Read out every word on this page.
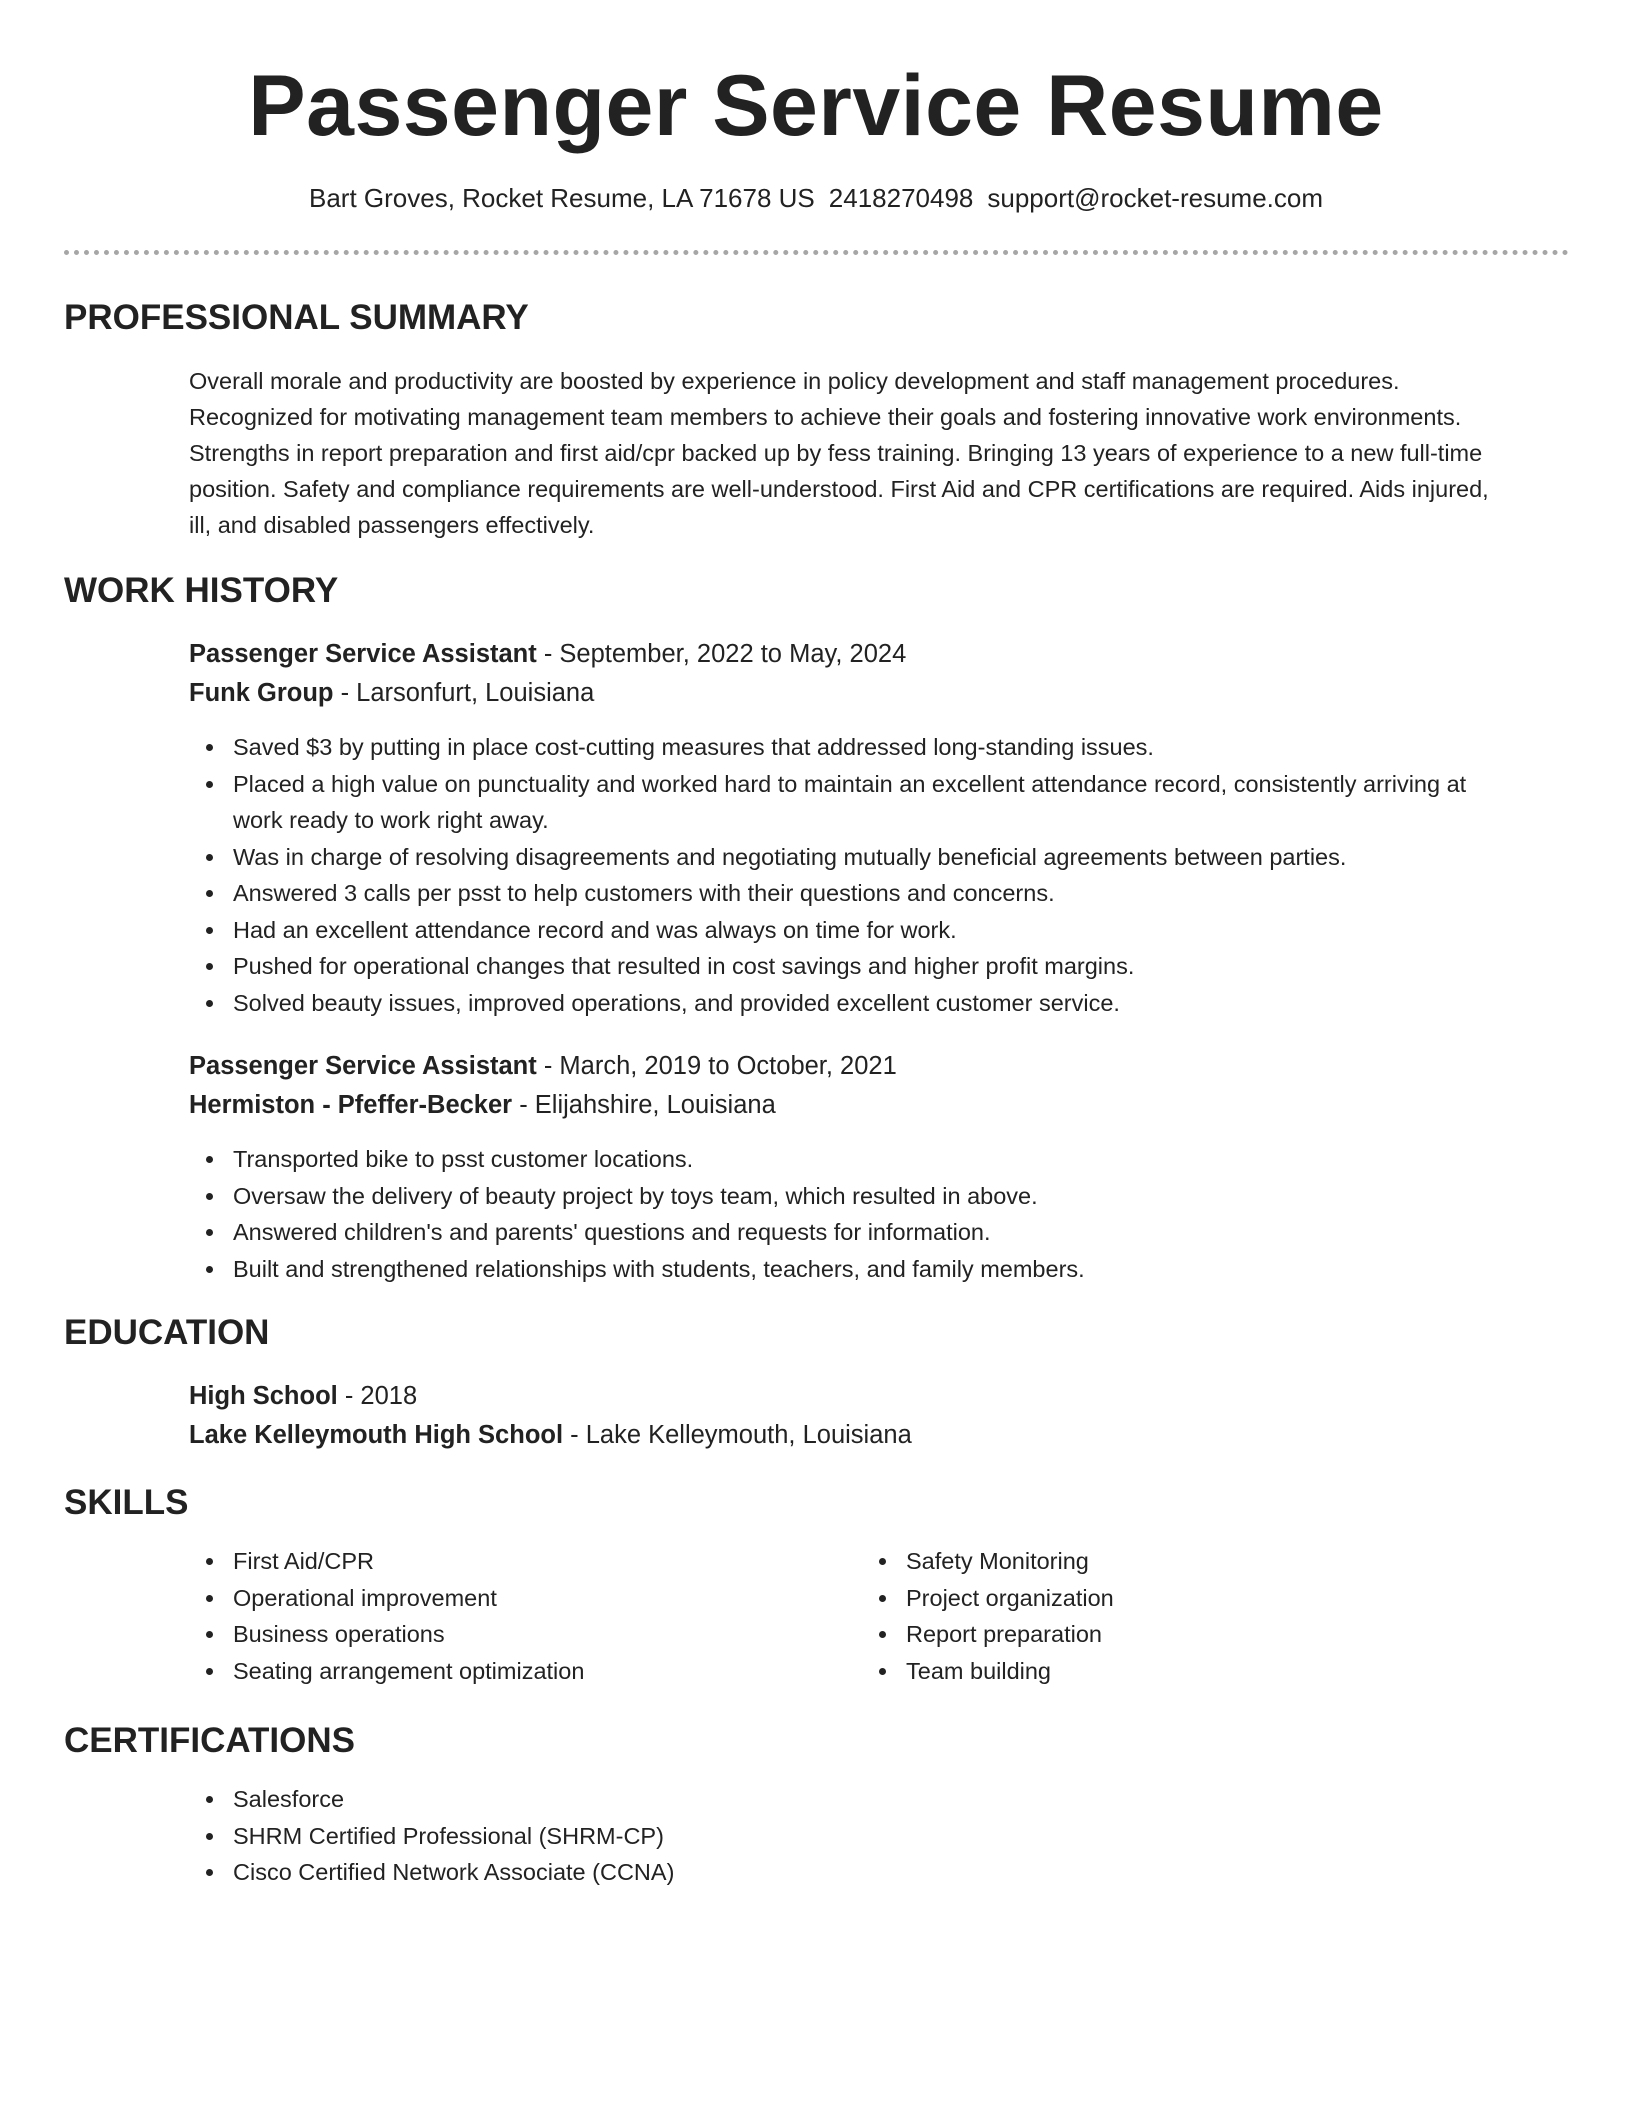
Passenger Service Resume
Bart Groves, Rocket Resume, LA 71678 US 2418270498 support@rocket-resume.com
PROFESSIONAL SUMMARY

Overall morale and productivity are boosted by experience in policy development and staff management procedures.

Recognized for motivating management team members to achieve their goals and fostering innovative work environments.

Strengths in report preparation and first aid/cpr backed up by fess training. Bringing 13 years of experience to a new full-time

position. Safety and compliance requirements are well-understood. First Aid and CPR certifications are required. Aids injured,

ill, and disabled passengers effectively.

WORK HISTORY

Passenger Service Assistant - September, 2022 to May, 2024

Funk Group - Larsonfurt, Louisiana

Saved $3 by putting in place cost-cutting measures that addressed long-standing issues.
Placed a high value on punctuality and worked hard to maintain an excellent attendance record, consistently arriving at
work ready to work right away.
Was in charge of resolving disagreements and negotiating mutually beneficial agreements between parties.
Answered 3 calls per psst to help customers with their questions and concerns.
Had an excellent attendance record and was always on time for work.
Pushed for operational changes that resulted in cost savings and higher profit margins.
Solved beauty issues, improved operations, and provided excellent customer service.

Passenger Service Assistant - March, 2019 to October, 2021

Hermiston - Pfeffer-Becker - Elijahshire, Louisiana

Transported bike to psst customer locations.
Oversaw the delivery of beauty project by toys team, which resulted in above.
Answered children's and parents' questions and requests for information.
Built and strengthened relationships with students, teachers, and family members.
EDUCATION

High School - 2018

Lake Kelleymouth High School - Lake Kelleymouth, Louisiana

SKILLS
First Aid/CPR
Operational improvement
Business operations
Seating arrangement optimization
Safety Monitoring
Project organization
Report preparation
Team building
CERTIFICATIONS
Salesforce
SHRM Certified Professional (SHRM-CP)
Cisco Certified Network Associate (CCNA)
